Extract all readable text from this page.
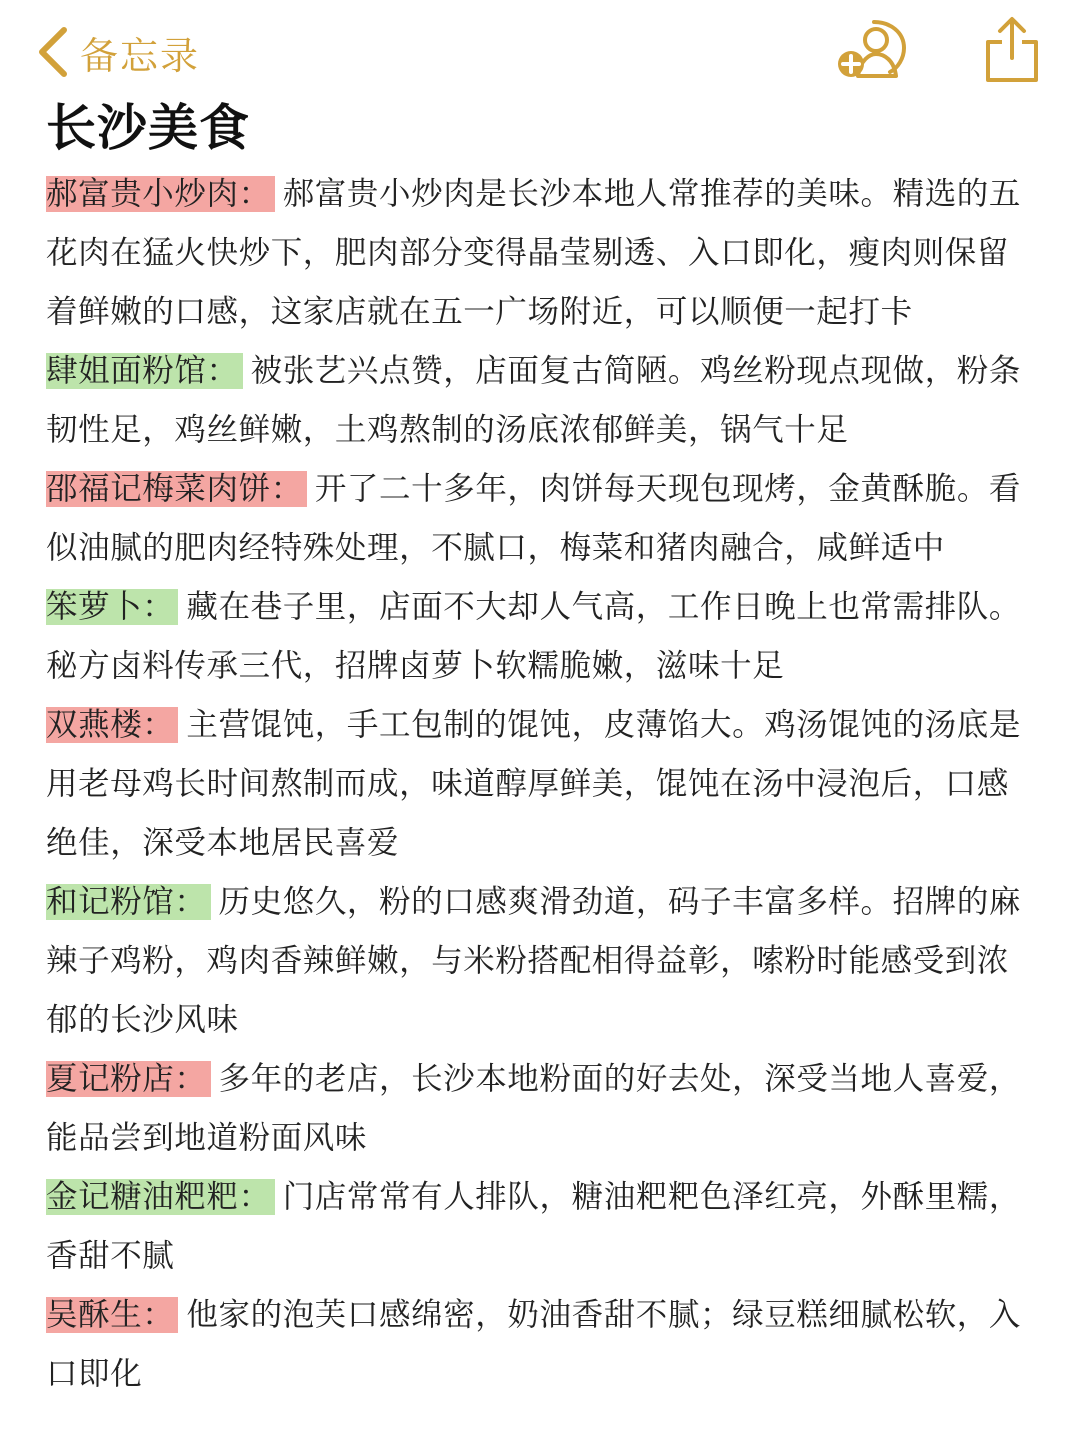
备忘录
长沙美食

郝富贵小炒肉： 郝富贵小炒肉是长沙本地人常推荐的美味。精选的五花肉在猛火快炒下，肥肉部分变得晶莹剔透、入口即化，瘦肉则保留着鲜嫩的口感，这家店就在五一广场附近，可以顺便一起打卡

肆姐面粉馆： 被张艺兴点赞，店面复古简陋。鸡丝粉现点现做，粉条韧性足，鸡丝鲜嫩，土鸡熬制的汤底浓郁鲜美，锅气十足

邵福记梅菜肉饼： 开了二十多年，肉饼每天现包现烤，金黄酥脆。看似油腻的肥肉经特殊处理，不腻口，梅菜和猪肉融合，咸鲜适中

笨萝卜： 藏在巷子里，店面不大却人气高，工作日晚上也常需排队。秘方卤料传承三代，招牌卤萝卜软糯脆嫩，滋味十足

双燕楼： 主营馄饨，手工包制的馄饨，皮薄馅大。鸡汤馄饨的汤底是用老母鸡长时间熬制而成，味道醇厚鲜美，馄饨在汤中浸泡后，口感绝佳，深受本地居民喜爱

和记粉馆： 历史悠久，粉的口感爽滑劲道，码子丰富多样。招牌的麻辣子鸡粉，鸡肉香辣鲜嫩，与米粉搭配相得益彰，嗦粉时能感受到浓郁的长沙风味

夏记粉店： 多年的老店，长沙本地粉面的好去处，深受当地人喜爱，能品尝到地道粉面风味

金记糖油粑粑： 门店常常有人排队，糖油粑粑色泽红亮，外酥里糯，香甜不腻

吴酥生： 他家的泡芙口感绵密，奶油香甜不腻；绿豆糕细腻松软，入口即化
